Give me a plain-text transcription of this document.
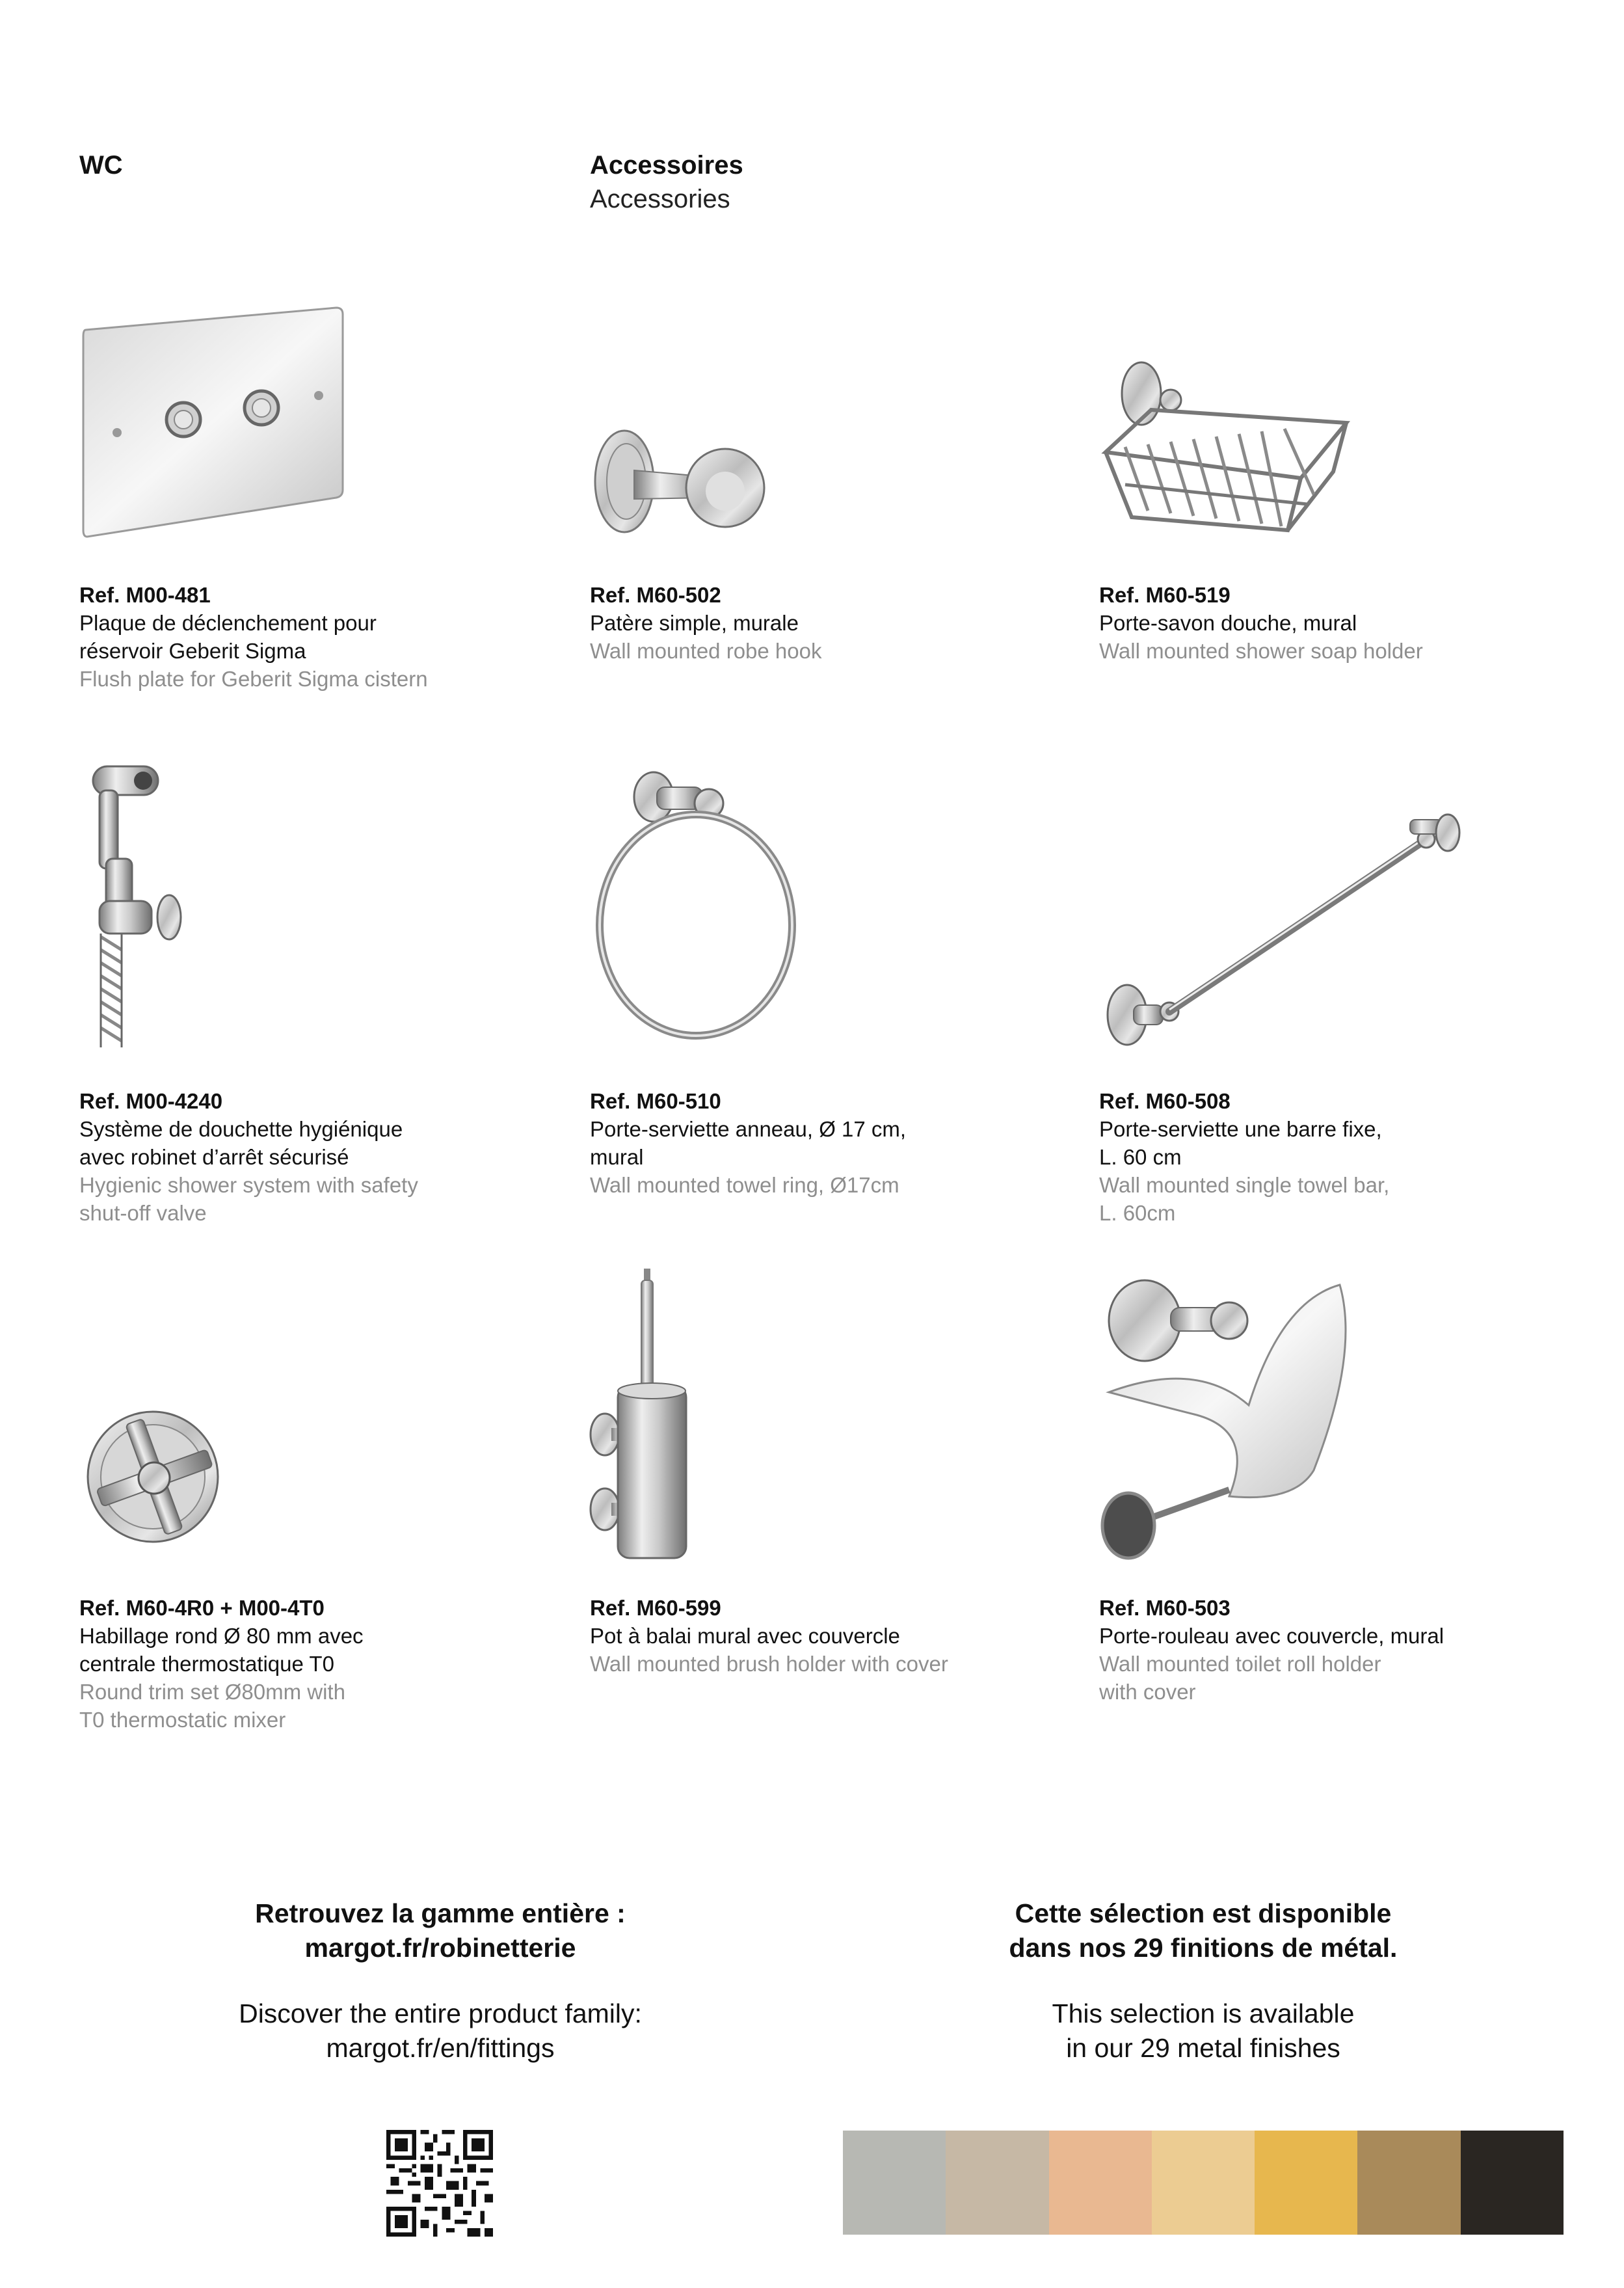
WC	Accessoires
Accessories
Ref. M00-481
Plaque de déclenchement pour
réservoir Geberit Sigma
Flush plate for Geberit Sigma cistern
Ref. M60-502
Patère simple, murale
Wall mounted robe hook
Ref. M60-519
Porte-savon douche, mural
Wall mounted shower soap holder
Ref. M00-4240
Système de douchette hygiénique
avec robinet d’arrêt sécurisé
Hygienic shower system with safety
shut-off valve
Ref. M60-510
Porte-serviette anneau, Ø 17 cm,
mural
Wall mounted towel ring, Ø17cm
Ref. M60-508
Porte-serviette une barre fixe,
L. 60 cm
Wall mounted single towel bar,
L. 60cm
Ref. M60-4R0 + M00-4T0
Habillage rond Ø 80 mm avec
centrale thermostatique T0
Round trim set Ø80mm with
T0 thermostatic mixer
Ref. M60-599
Pot à balai mural avec couvercle
Wall mounted brush holder with cover
Ref. M60-503
Porte-rouleau avec couvercle, mural
Wall mounted toilet roll holder
with cover
Retrouvez la gamme entière :
margot.fr/robinetterie
Discover the entire product family:
margot.fr/en/fittings
Cette sélection est disponible
dans nos 29 finitions de métal.
This selection is available
in our 29 metal finishes
